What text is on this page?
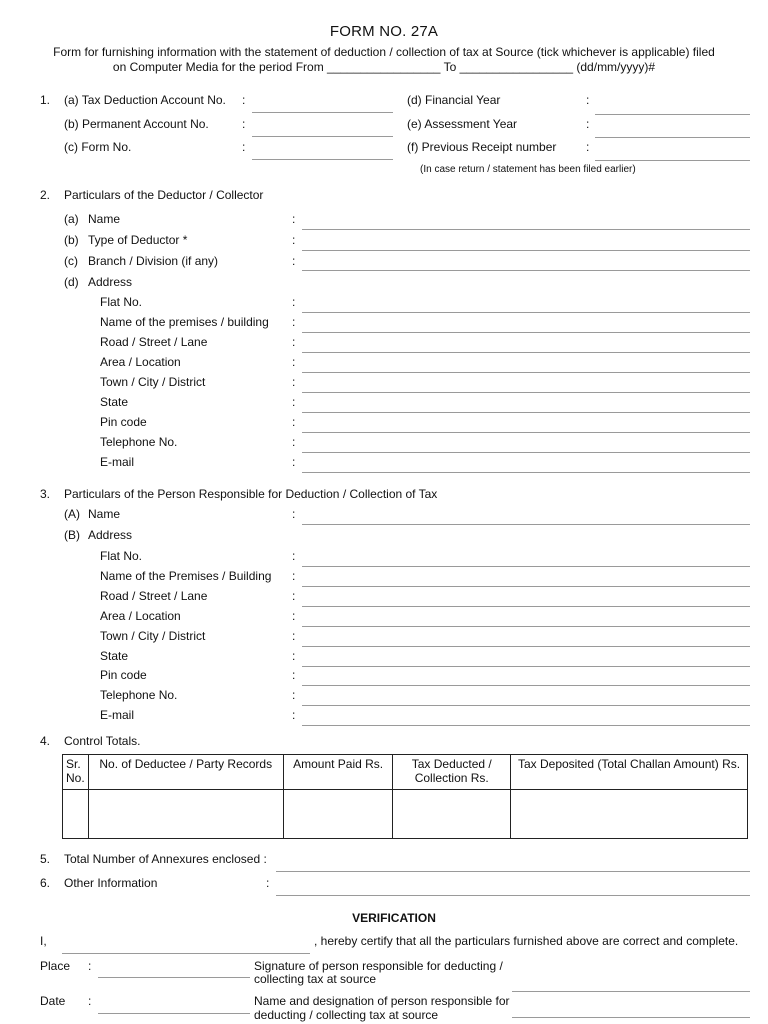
FORM NO. 27A
Form for furnishing information with the statement of deduction / collection of tax at Source (tick whichever is applicable) filed
on Computer Media for the period From _________________ To _________________ (dd/mm/yyyy)#
1. (a) Tax Deduction Account No. :
(b) Permanent Account No.	:
(c) Form No.	:
(d) Financial Year	:
(e) Assessment Year	:
(f) Previous Receipt number :
(In case return / statement has been filed earlier)
2. Particulars of the Deductor / Collector
(a) Name	:
(b) Type of Deductor *	:
(c) Branch / Division (if any)	:
(d) Address
Flat No.	:
Name of the premises / building :
Road / Street / Lane	:
Area / Location	:
Town / City / District	:
State	:
Pin code	:
Telephone No.	:
E-mail	:
3. Particulars of the Person Responsible for Deduction / Collection of Tax
(A) Name	:
(B) Address
Flat No.	:
Name of the Premises / Building :
Road / Street / Lane	:
Area / Location	:
Town / City / District	:
State	:
Pin code	:
Telephone No.	:
E-mail	:
4. Control Totals.
Sr. No.	No. of Deductee / Party Records	Amount Paid Rs.	Tax Deducted / Collection Rs.	Tax Deposited (Total Challan Amount) Rs.

5. Total Number of Annexures enclosed :
6. Other Information	:
VERIFICATION
I,	, hereby certify that all the particulars furnished above are correct and complete.
Place :	Signature of person responsible for deducting /
collecting tax at source
Date :	Name and designation of person responsible for
deducting / collecting tax at source
